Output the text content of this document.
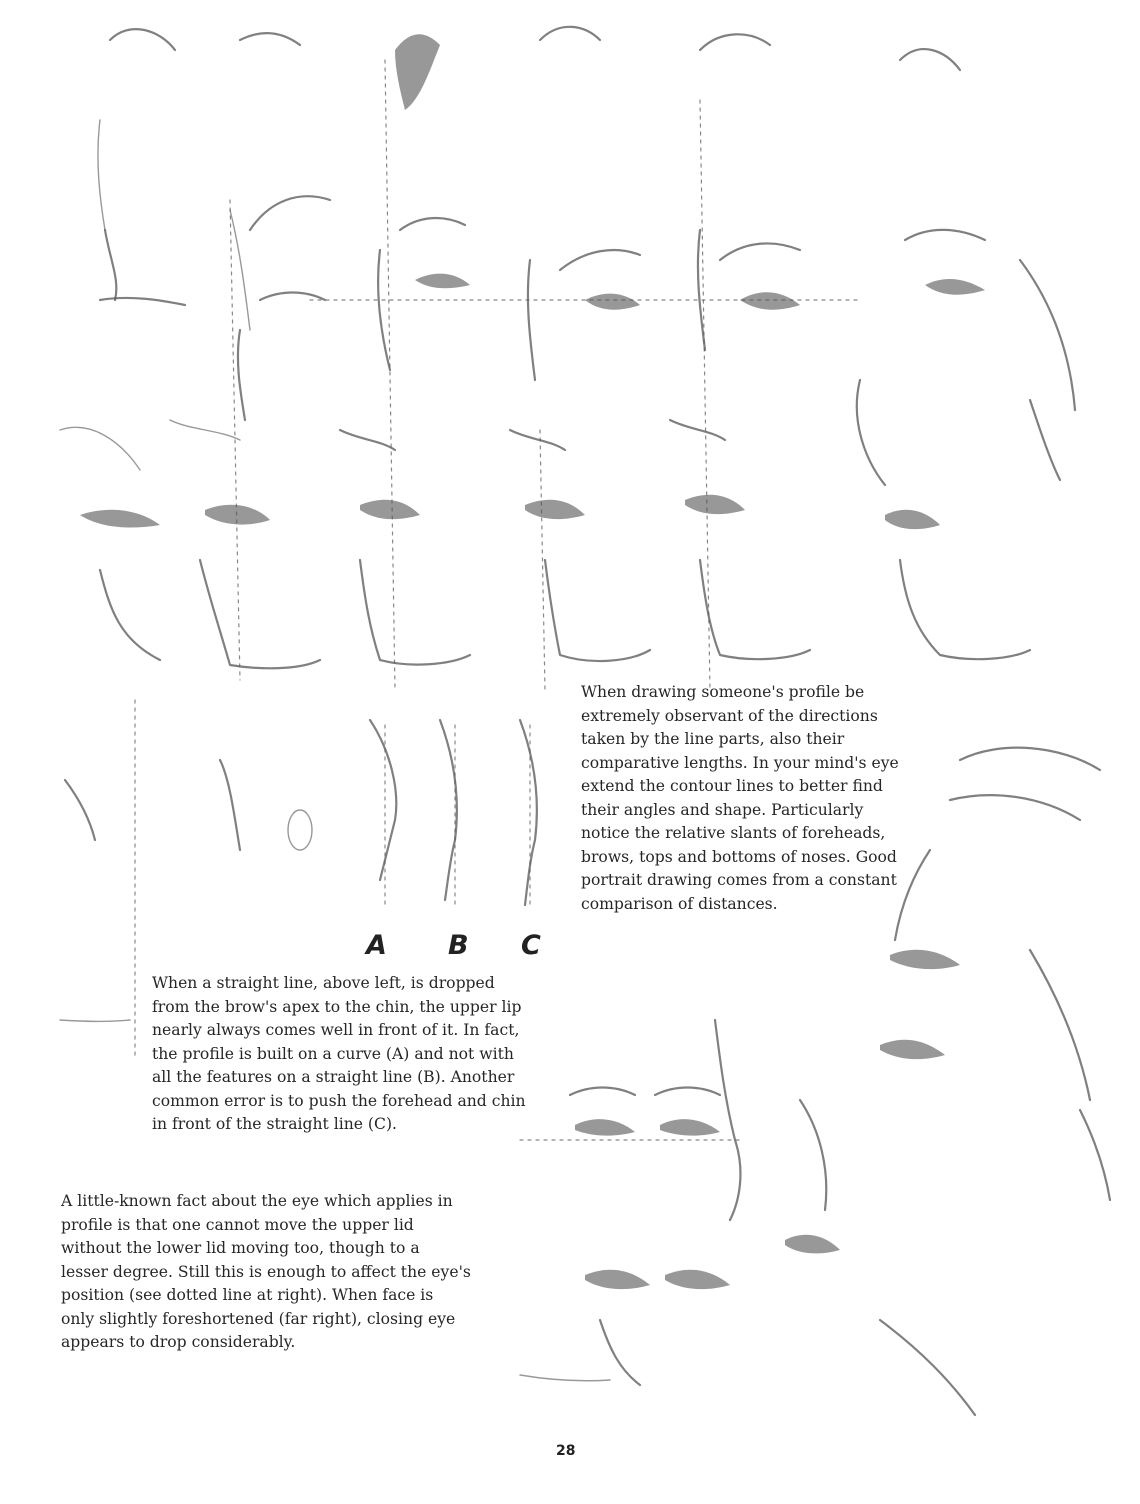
When drawing someone's profile be extremely observant of the directions taken by the line parts, also their comparative lengths. In your mind's eye extend the contour lines to better find their angles and shape. Particularly notice the relative slants of foreheads, brows, tops and bottoms of noses. Good portrait drawing comes from a constant comparison of distances.

A B C

When a straight line, above left, is dropped from the brow's apex to the chin, the upper lip nearly always comes well in front of it. In fact, the profile is built on a curve (A) and not with all the features on a straight line (B). Another common error is to push the forehead and chin in front of the straight line (C).

A little-known fact about the eye which applies in profile is that one cannot move the upper lid without the lower lid moving too, though to a lesser degree. Still this is enough to affect the eye's position (see dotted line at right). When face is only slightly foreshortened (far right), closing eye appears to drop considerably.

28
